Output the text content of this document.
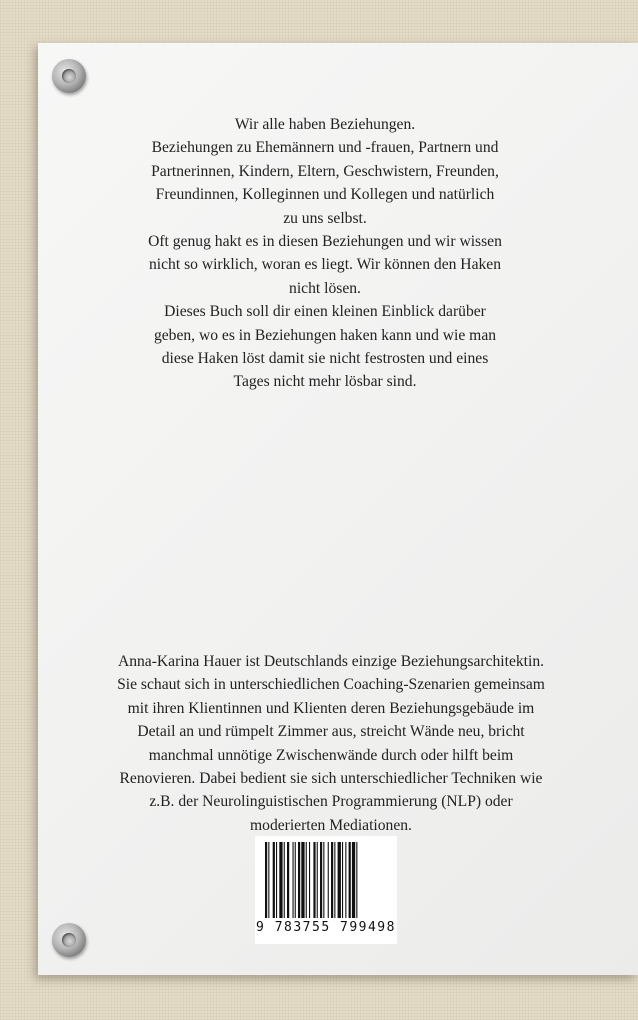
Wir alle haben Beziehungen.

Beziehungen zu Ehemännern und -frauen, Partnern und

Partnerinnen, Kindern, Eltern, Geschwistern, Freunden,

Freundinnen, Kolleginnen und Kollegen und natürlich

zu uns selbst.

Oft genug hakt es in diesen Beziehungen und wir wissen

nicht so wirklich, woran es liegt. Wir können den Haken

nicht lösen.

Dieses Buch soll dir einen kleinen Einblick darüber

geben, wo es in Beziehungen haken kann und wie man

diese Haken löst damit sie nicht festrosten und eines

Tages nicht mehr lösbar sind.

Anna-Karina Hauer ist Deutschlands einzige Beziehungsarchitektin.

Sie schaut sich in unterschiedlichen Coaching-Szenarien gemeinsam

mit ihren Klientinnen und Klienten deren Beziehungsgebäude im

Detail an und rümpelt Zimmer aus, streicht Wände neu, bricht

manchmal unnötige Zwischenwände durch oder hilft beim

Renovieren. Dabei bedient sie sich unterschiedlicher Techniken wie

z.B. der Neurolinguistischen Programmierung (NLP) oder

moderierten Mediationen.

9 783755 799498
